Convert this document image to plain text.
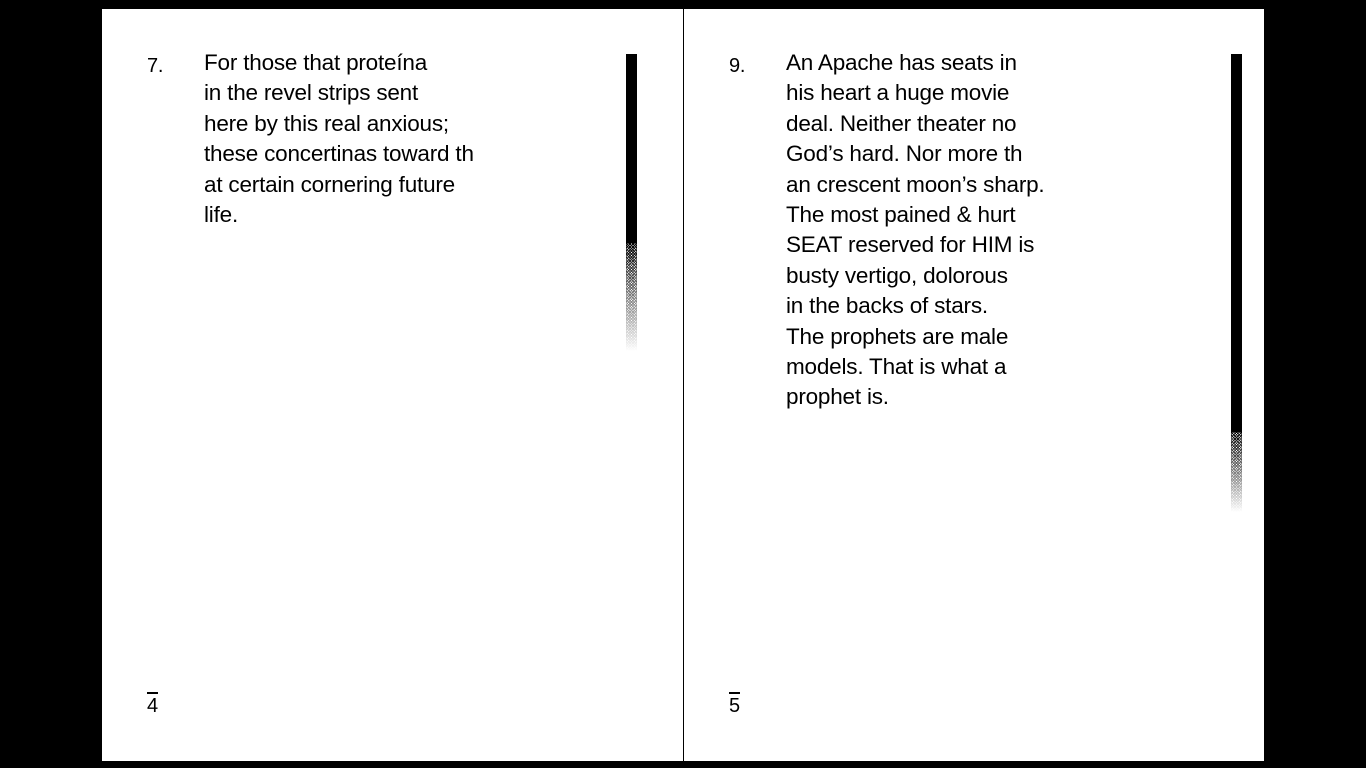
7. For those that proteína
in the revel strips sent
here by this real anxious;
these concertinas toward th
at certain cornering future
life.

4
9. An Apache has seats in
his heart a huge movie
deal. Neither theater no
God’s hard. Nor more th
an crescent moon’s sharp.
The most pained & hurt
SEAT reserved for HIM is
busty vertigo, dolorous
in the backs of stars.
The prophets are male
models. That is what a
prophet is.

5
